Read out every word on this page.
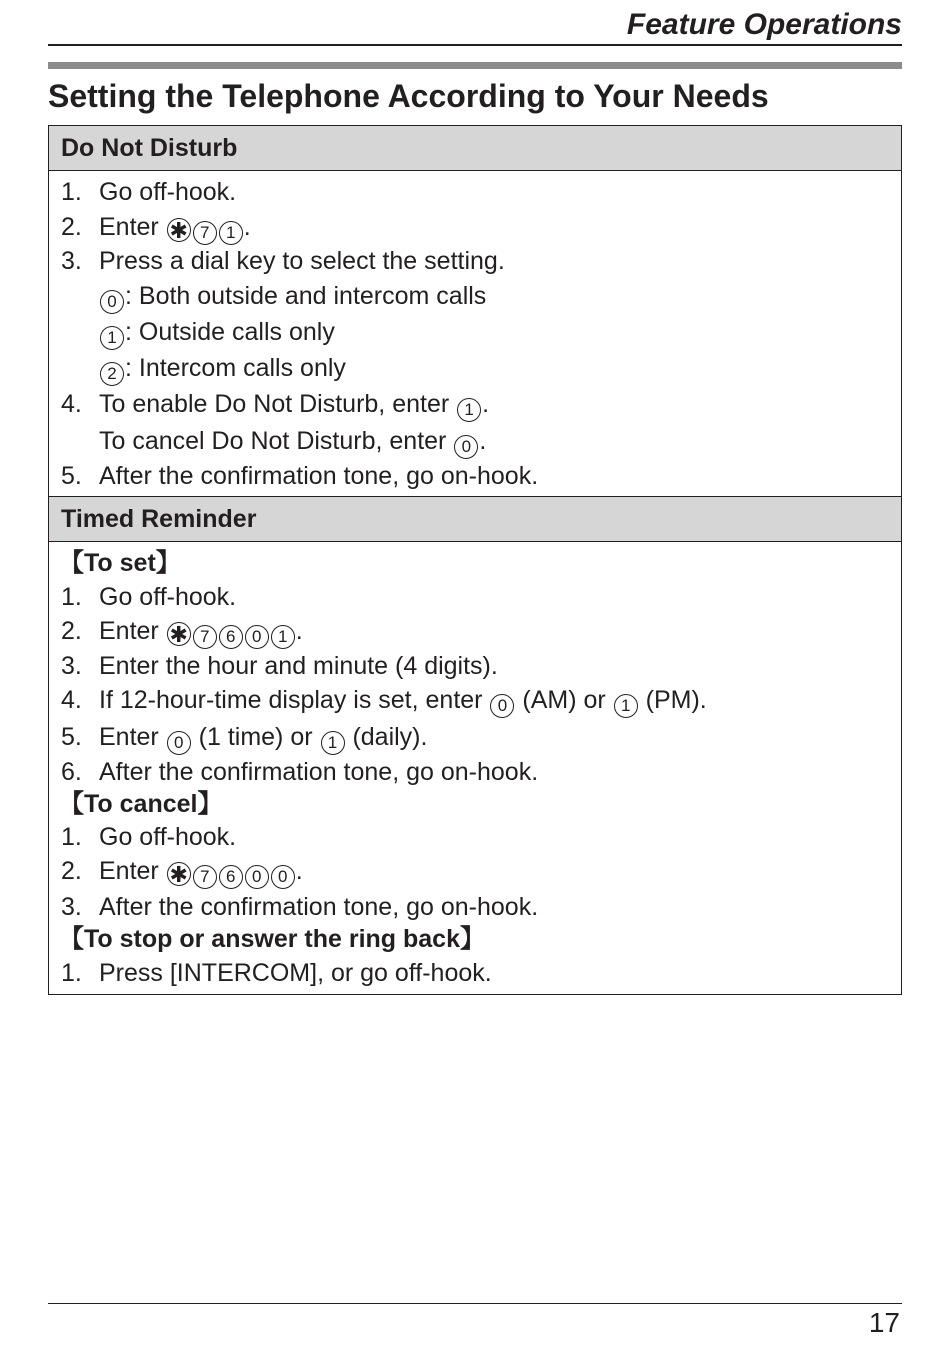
Feature Operations
Setting the Telephone According to Your Needs
Do Not Disturb
1. Go off-hook.
2. Enter ✱ 7 1 .
3. Press a dial key to select the setting.
0 : Both outside and intercom calls
1 : Outside calls only
2 : Intercom calls only
4. To enable Do Not Disturb, enter 1 .
To cancel Do Not Disturb, enter 0 .
5. After the confirmation tone, go on-hook.
Timed Reminder
【To set】
1. Go off-hook.
2. Enter ✱ 7 6 0 1 .
3. Enter the hour and minute (4 digits).
4. If 12-hour-time display is set, enter 0 (AM) or 1 (PM).
5. Enter 0 (1 time) or 1 (daily).
6. After the confirmation tone, go on-hook.
【To cancel】
1. Go off-hook.
2. Enter ✱ 7 6 0 0 .
3. After the confirmation tone, go on-hook.
【To stop or answer the ring back】
1. Press [INTERCOM], or go off-hook.
17
